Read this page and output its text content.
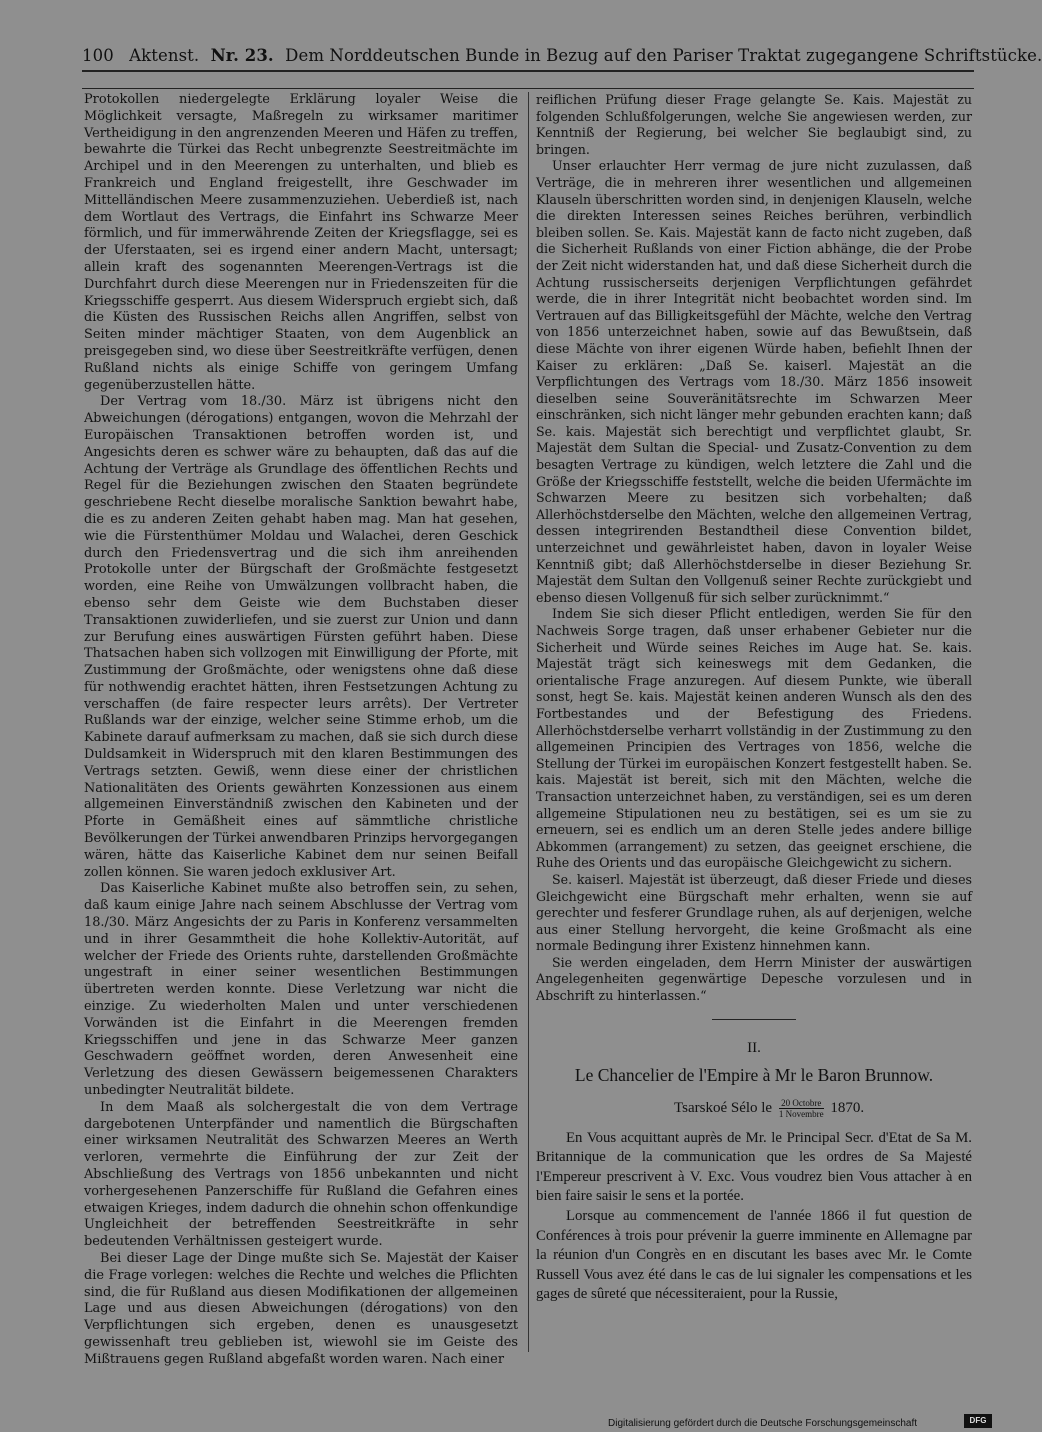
100 Aktenst. Nr. 23. Dem Norddeutschen Bunde in Bezug auf den Pariser Traktat zugegangene Schriftstücke.

Protokollen niedergelegte Erklärung loyaler Weise die Möglichkeit versagte, Maßregeln zu wirksamer maritimer Vertheidigung in den angrenzenden Meeren und Häfen zu treffen, bewahrte die Türkei das Recht unbegrenzte Seestreitmächte im Archipel und in den Meerengen zu unterhalten, und blieb es Frankreich und England freigestellt, ihre Geschwader im Mittelländischen Meere zusammenzuziehen. Ueberdieß ist, nach dem Wortlaut des Vertrags, die Einfahrt ins Schwarze Meer förmlich, und für immerwährende Zeiten der Kriegsflagge, sei es der Uferstaaten, sei es irgend einer andern Macht, untersagt; allein kraft des sogenannten Meerengen-Vertrags ist die Durchfahrt durch diese Meerengen nur in Friedenszeiten für die Kriegsschiffe gesperrt. Aus diesem Widerspruch ergiebt sich, daß die Küsten des Russischen Reichs allen Angriffen, selbst von Seiten minder mächtiger Staaten, von dem Augenblick an preisgegeben sind, wo diese über Seestreitkräfte verfügen, denen Rußland nichts als einige Schiffe von geringem Umfang gegenüberzustellen hätte.

Der Vertrag vom 18./30. März ist übrigens nicht den Abweichungen (dérogations) entgangen, wovon die Mehrzahl der Europäischen Transaktionen betroffen worden ist, und Angesichts deren es schwer wäre zu behaupten, daß das auf die Achtung der Verträge als Grundlage des öffentlichen Rechts und Regel für die Beziehungen zwischen den Staaten begründete geschriebene Recht dieselbe moralische Sanktion bewahrt habe, die es zu anderen Zeiten gehabt haben mag. Man hat gesehen, wie die Fürstenthümer Moldau und Walachei, deren Geschick durch den Friedensvertrag und die sich ihm anreihenden Protokolle unter der Bürgschaft der Großmächte festgesetzt worden, eine Reihe von Umwälzungen vollbracht haben, die ebenso sehr dem Geiste wie dem Buchstaben dieser Transaktionen zuwiderliefen, und sie zuerst zur Union und dann zur Berufung eines auswärtigen Fürsten geführt haben. Diese Thatsachen haben sich vollzogen mit Einwilligung der Pforte, mit Zustimmung der Großmächte, oder wenigstens ohne daß diese für nothwendig erachtet hätten, ihren Festsetzungen Achtung zu verschaffen (de faire respecter leurs arrêts). Der Vertreter Rußlands war der einzige, welcher seine Stimme erhob, um die Kabinete darauf aufmerksam zu machen, daß sie sich durch diese Duldsamkeit in Widerspruch mit den klaren Bestimmungen des Vertrags setzten. Gewiß, wenn diese einer der christlichen Nationalitäten des Orients gewährten Konzessionen aus einem allgemeinen Einverständniß zwischen den Kabineten und der Pforte in Gemäßheit eines auf sämmtliche christliche Bevölkerungen der Türkei anwendbaren Prinzips hervorgegangen wären, hätte das Kaiserliche Kabinet dem nur seinen Beifall zollen können. Sie waren jedoch exklusiver Art.

Das Kaiserliche Kabinet mußte also betroffen sein, zu sehen, daß kaum einige Jahre nach seinem Abschlusse der Vertrag vom 18./30. März Angesichts der zu Paris in Konferenz versammelten und in ihrer Gesammtheit die hohe Kollektiv-Autorität, auf welcher der Friede des Orients ruhte, darstellenden Großmächte ungestraft in einer seiner wesentlichen Bestimmungen übertreten werden konnte. Diese Verletzung war nicht die einzige. Zu wiederholten Malen und unter verschiedenen Vorwänden ist die Einfahrt in die Meerengen fremden Kriegsschiffen und jene in das Schwarze Meer ganzen Geschwadern geöffnet worden, deren Anwesenheit eine Verletzung des diesen Gewässern beigemessenen Charakters unbedingter Neutralität bildete.

In dem Maaß als solchergestalt die von dem Vertrage dargebotenen Unterpfänder und namentlich die Bürgschaften einer wirksamen Neutralität des Schwarzen Meeres an Werth verloren, vermehrte die Einführung der zur Zeit der Abschließung des Vertrags von 1856 unbekannten und nicht vorhergesehenen Panzerschiffe für Rußland die Gefahren eines etwaigen Krieges, indem dadurch die ohnehin schon offenkundige Ungleichheit der betreffenden Seestreitkräfte in sehr bedeutenden Verhältnissen gesteigert wurde.

Bei dieser Lage der Dinge mußte sich Se. Majestät der Kaiser die Frage vorlegen: welches die Rechte und welches die Pflichten sind, die für Rußland aus diesen Modifikationen der allgemeinen Lage und aus diesen Abweichungen (dérogations) von den Verpflichtungen sich ergeben, denen es unausgesetzt gewissenhaft treu geblieben ist, wiewohl sie im Geiste des Mißtrauens gegen Rußland abgefaßt worden waren. Nach einer

reiflichen Prüfung dieser Frage gelangte Se. Kais. Majestät zu folgenden Schlußfolgerungen, welche Sie angewiesen werden, zur Kenntniß der Regierung, bei welcher Sie beglaubigt sind, zu bringen.

Unser erlauchter Herr vermag de jure nicht zuzulassen, daß Verträge, die in mehreren ihrer wesentlichen und allgemeinen Klauseln überschritten worden sind, in denjenigen Klauseln, welche die direkten Interessen seines Reiches berühren, verbindlich bleiben sollen. Se. Kais. Majestät kann de facto nicht zugeben, daß die Sicherheit Rußlands von einer Fiction abhänge, die der Probe der Zeit nicht widerstanden hat, und daß diese Sicherheit durch die Achtung russischerseits derjenigen Verpflichtungen gefährdet werde, die in ihrer Integrität nicht beobachtet worden sind. Im Vertrauen auf das Billigkeitsgefühl der Mächte, welche den Vertrag von 1856 unterzeichnet haben, sowie auf das Bewußtsein, daß diese Mächte von ihrer eigenen Würde haben, befiehlt Ihnen der Kaiser zu erklären: „Daß Se. kaiserl. Majestät an die Verpflichtungen des Vertrags vom 18./30. März 1856 insoweit dieselben seine Souveränitätsrechte im Schwarzen Meer einschränken, sich nicht länger mehr gebunden erachten kann; daß Se. kais. Majestät sich berechtigt und verpflichtet glaubt, Sr. Majestät dem Sultan die Special- und Zusatz-Convention zu dem besagten Vertrage zu kündigen, welch letztere die Zahl und die Größe der Kriegsschiffe feststellt, welche die beiden Ufermächte im Schwarzen Meere zu besitzen sich vorbehalten; daß Allerhöchstderselbe den Mächten, welche den allgemeinen Vertrag, dessen integrirenden Bestandtheil diese Convention bildet, unterzeichnet und gewährleistet haben, davon in loyaler Weise Kenntniß gibt; daß Allerhöchstderselbe in dieser Beziehung Sr. Majestät dem Sultan den Vollgenuß seiner Rechte zurückgiebt und ebenso diesen Vollgenuß für sich selber zurücknimmt.“

Indem Sie sich dieser Pflicht entledigen, werden Sie für den Nachweis Sorge tragen, daß unser erhabener Gebieter nur die Sicherheit und Würde seines Reiches im Auge hat. Se. kais. Majestät trägt sich keineswegs mit dem Gedanken, die orientalische Frage anzuregen. Auf diesem Punkte, wie überall sonst, hegt Se. kais. Majestät keinen anderen Wunsch als den des Fortbestandes und der Befestigung des Friedens. Allerhöchstderselbe verharrt vollständig in der Zustimmung zu den allgemeinen Principien des Vertrages von 1856, welche die Stellung der Türkei im europäischen Konzert festgestellt haben. Se. kais. Majestät ist bereit, sich mit den Mächten, welche die Transaction unterzeichnet haben, zu verständigen, sei es um deren allgemeine Stipulationen neu zu bestätigen, sei es um sie zu erneuern, sei es endlich um an deren Stelle jedes andere billige Abkommen (arrangement) zu setzen, das geeignet erschiene, die Ruhe des Orients und das europäische Gleichgewicht zu sichern.

Se. kaiserl. Majestät ist überzeugt, daß dieser Friede und dieses Gleichgewicht eine Bürgschaft mehr erhalten, wenn sie auf gerechter und fesferer Grundlage ruhen, als auf derjenigen, welche aus einer Stellung hervorgeht, die keine Großmacht als eine normale Bedingung ihrer Existenz hinnehmen kann.

Sie werden eingeladen, dem Herrn Minister der auswärtigen Angelegenheiten gegenwärtige Depesche vorzulesen und in Abschrift zu hinterlassen.“

II.

Le Chancelier de l'Empire à Mr le Baron Brunnow.

Tsarskoé Sélo le $\frac{\text{20 Octobre}}{\text{1 Novembre}} 1870$.

En Vous acquittant auprès de Mr. le Principal Secr. d'Etat de Sa M. Britannique de la communication que les ordres de Sa Majesté l'Empereur prescrivent à V. Exc. Vous voudrez bien Vous attacher à en bien faire saisir le sens et la portée.

Lorsque au commencement de l'année 1866 il fut question de Conférences à trois pour prévenir la guerre imminente en Allemagne par la réunion d'un Congrès en en discutant les bases avec Mr. le Comte Russell Vous avez été dans le cas de lui signaler les compensations et les gages de sûreté que nécessiteraient, pour la Russie,

Digitalisierung gefördert durch die Deutsche Forschungsgemeinschaft	DFG
